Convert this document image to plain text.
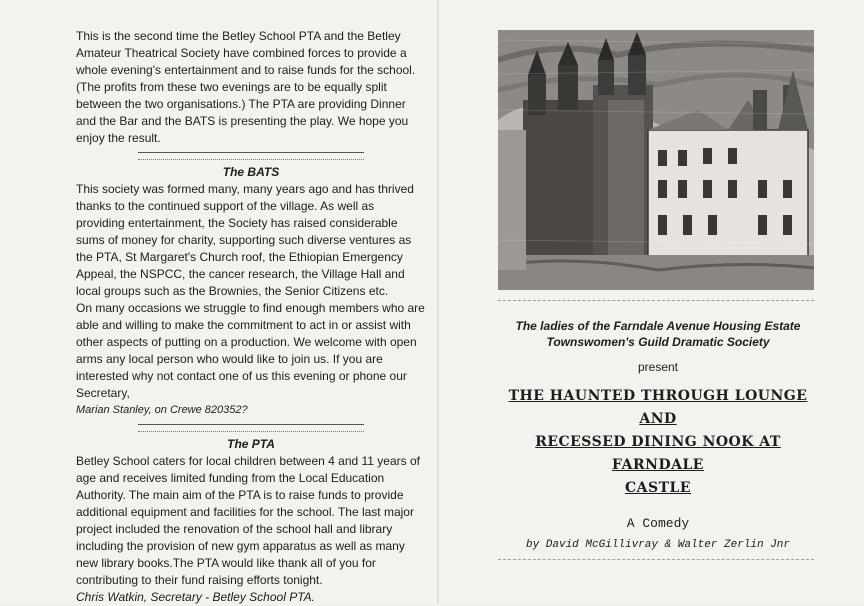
This is the second time the Betley School PTA and the Betley Amateur Theatrical Society have combined forces to provide a whole evening's entertainment and to raise funds for the school. (The profits from these two evenings are to be equally split between the two organisations.) The PTA are providing Dinner and the Bar and the BATS is presenting the play. We hope you enjoy the result.

The BATS

This society was formed many, many years ago and has thrived thanks to the continued support of the village. As well as providing entertainment, the Society has raised considerable sums of money for charity, supporting such diverse ventures as the PTA, St Margaret's Church roof, the Ethiopian Emergency Appeal, the NSPCC, the cancer research, the Village Hall and local groups such as the Brownies, the Senior Citizens etc.

On many occasions we struggle to find enough members who are able and willing to make the commitment to act in or assist with other aspects of putting on a production. We welcome with open arms any local person who would like to join us. If you are interested why not contact one of us this evening or phone our Secretary,

Marian Stanley, on Crewe 820352?

The PTA

Betley School caters for local children between 4 and 11 years of age and receives limited funding from the Local Education Authority. The main aim of the PTA is to raise funds to provide additional equipment and facilities for the school. The last major project included the renovation of the school hall and library including the provision of new gym apparatus as well as many new library books.The PTA would like thank all of you for contributing to their fund raising efforts tonight.

Chris Watkin, Secretary - Betley School PTA.

The ladies of the Farndale Avenue Housing Estate
Townswomen's Guild Dramatic Society
present
THE HAUNTED THROUGH LOUNGE AND
RECESSED DINING NOOK AT FARNDALE
CASTLE
A Comedy
by David McGillivray & Walter Zerlin Jnr
